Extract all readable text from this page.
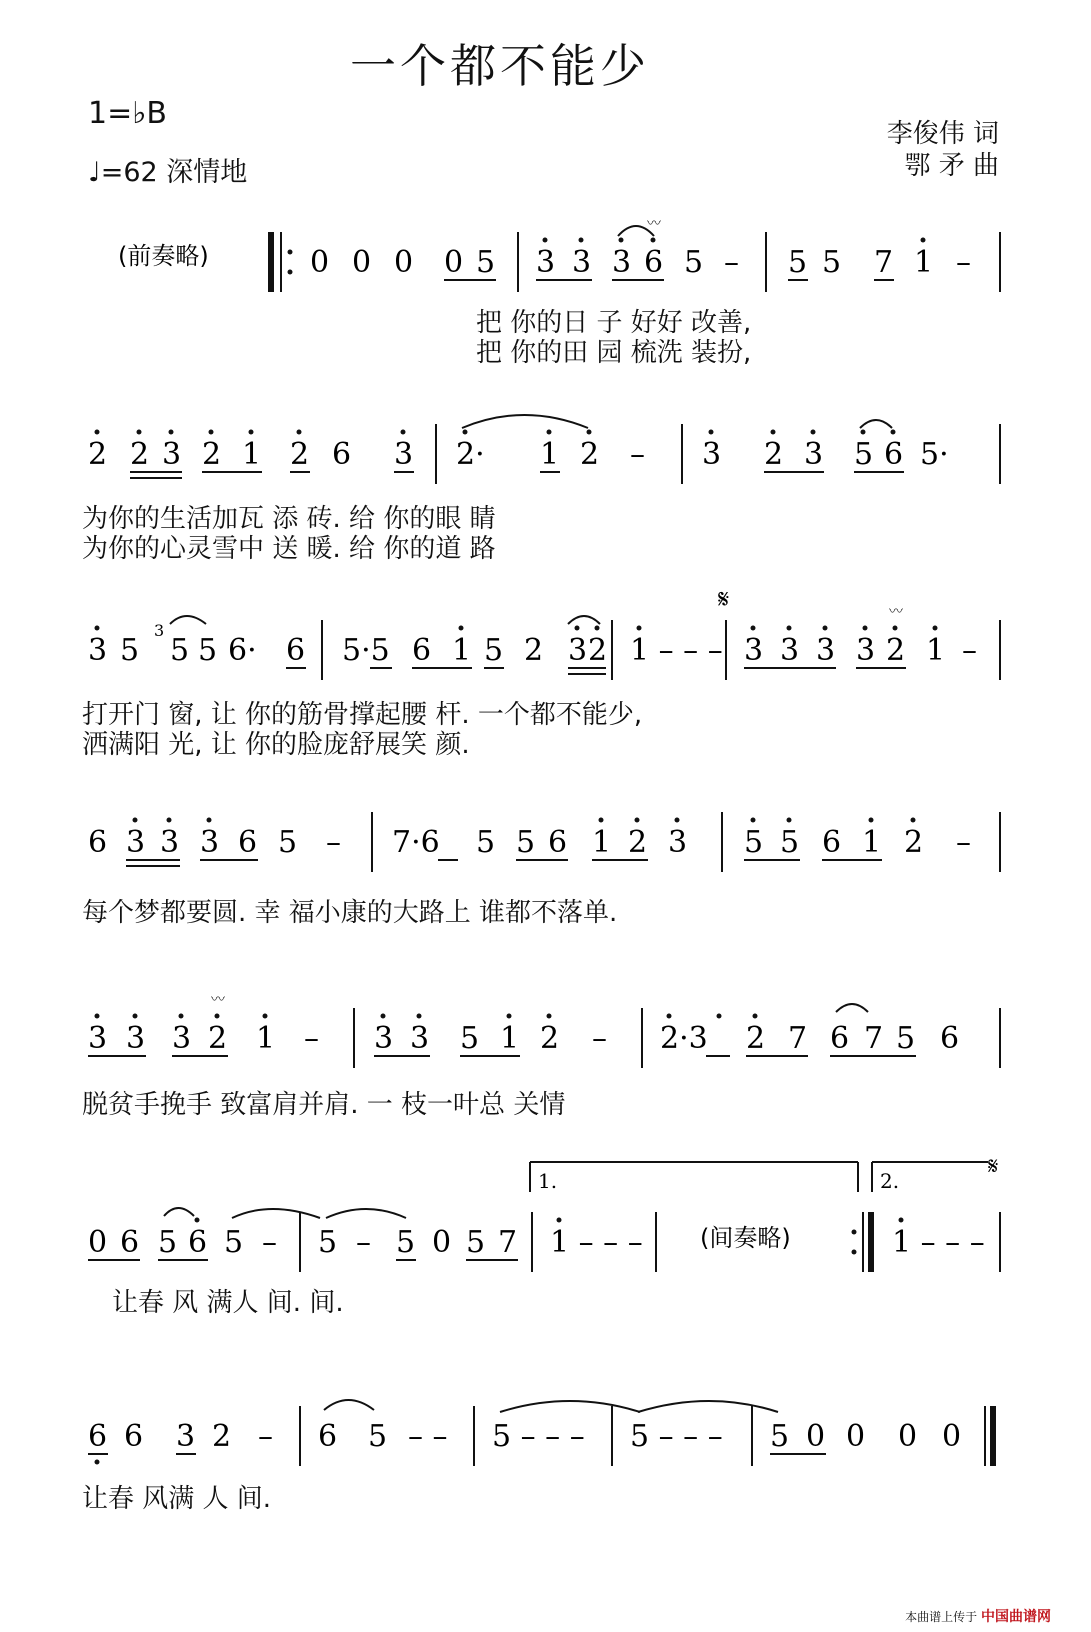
一个都不能少
1=♭B
♩=62 深情地
李俊伟 词
鄂 矛 曲
(前奏略)	0 0 0 0 5 3 3 3 6
〰
5 – 5 5 7 1 –
把 你的日 子 好好 改善,
把 你的田 园 梳洗 装扮,
2 2 3 2 1 2 6 3 2· 1 2 – 3 2 3 5 6 5·
为你的生活加瓦 添 砖. 给 你的眼 睛
为你的心灵雪中 送 暖. 给 你的道 路
𝄋
3 5
3
5 5 6· 6 5·5 6 1 5 2 3 2 1 – – – 3 3 3 3 2
〰
1 –
打开门 窗, 让 你的筋骨撑起腰 杆. 一个都不能少,
洒满阳 光, 让 你的脸庞舒展笑 颜.
6 3 3 3 6 5 – 7·6 5 5 6 1 2 3 5 5 6 1 2 –
每个梦都要圆. 幸 福小康的大路上 谁都不落单.
3 3 3 2
〰
1 – 3 3 5 1 2 – 2·3 2 7 6 7 5 6
脱贫手挽手 致富肩并肩. 一 枝一叶总 关情
1.	2.
𝄋
0 6 5 6 5 – 5 – 5 0 5 7 1 – – – (间奏略)	1 – – –
让春 风 满人 间. 间.
6 6 3 2 – 6 5 – – 5 – – – 5 – – – 5 0 0 0 0
让春 风满 人 间.
本曲谱上传于 中国曲谱网
